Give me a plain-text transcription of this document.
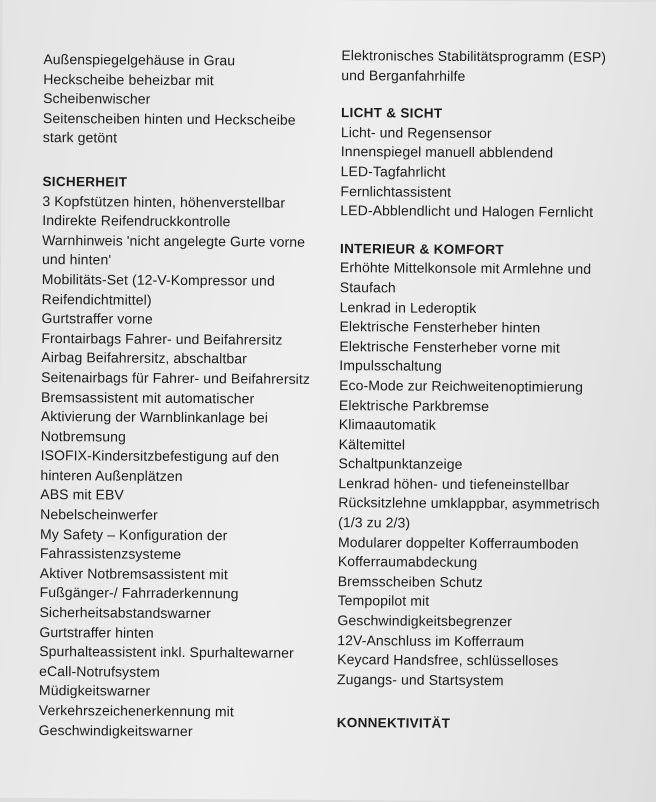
Außenspiegelgehäuse in Grau
Heckscheibe beheizbar mit
Scheibenwischer
Seitenscheiben hinten und Heckscheibe
stark getönt
SICHERHEIT
3 Kopfstützen hinten, höhenverstellbar
Indirekte Reifendruckkontrolle
Warnhinweis 'nicht angelegte Gurte vorne
und hinten'
Mobilitäts-Set (12-V-Kompressor und
Reifendichtmittel)
Gurtstraffer vorne
Frontairbags Fahrer- und Beifahrersitz
Airbag Beifahrersitz, abschaltbar
Seitenairbags für Fahrer- und Beifahrersitz
Bremsassistent mit automatischer
Aktivierung der Warnblinkanlage bei
Notbremsung
ISOFIX-Kindersitzbefestigung auf den
hinteren Außenplätzen
ABS mit EBV
Nebelscheinwerfer
My Safety – Konfiguration der
Fahrassistenzsysteme
Aktiver Notbremsassistent mit
Fußgänger-/ Fahrraderkennung
Sicherheitsabstandswarner
Gurtstraffer hinten
Spurhalteassistent inkl. Spurhaltewarner
eCall-Notrufsystem
Müdigkeitswarner
Verkehrszeichenerkennung mit
Geschwindigkeitswarner
Elektronisches Stabilitätsprogramm (ESP)
und Berganfahrhilfe
LICHT & SICHT
Licht- und Regensensor
Innenspiegel manuell abblendend
LED-Tagfahrlicht
Fernlichtassistent
LED-Abblendlicht und Halogen Fernlicht
INTERIEUR & KOMFORT
Erhöhte Mittelkonsole mit Armlehne und
Staufach
Lenkrad in Lederoptik
Elektrische Fensterheber hinten
Elektrische Fensterheber vorne mit
Impulsschaltung
Eco-Mode zur Reichweitenoptimierung
Elektrische Parkbremse
Klimaautomatik
Kältemittel
Schaltpunktanzeige
Lenkrad höhen- und tiefeneinstellbar
Rücksitzlehne umklappbar, asymmetrisch
(1/3 zu 2/3)
Modularer doppelter Kofferraumboden
Kofferraumabdeckung
Bremsscheiben Schutz
Tempopilot mit
Geschwindigkeitsbegrenzer
12V-Anschluss im Kofferraum
Keycard Handsfree, schlüsselloses
Zugangs- und Startsystem
KONNEKTIVITÄT
